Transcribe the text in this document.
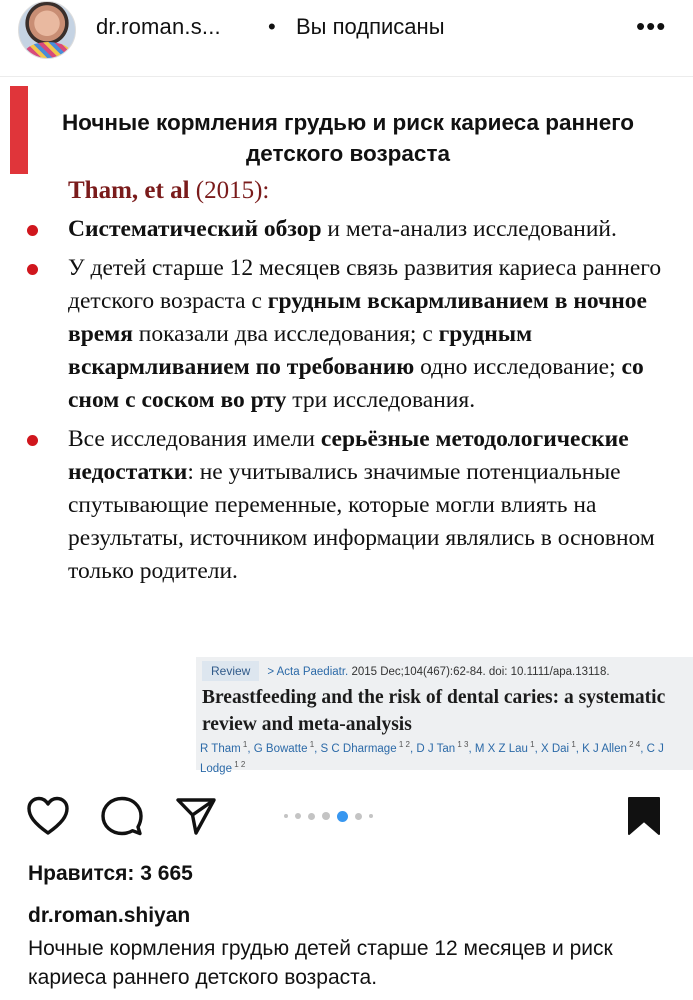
dr.roman.s... • Вы подписаны	•••
Ночные кормления грудью и риск кариеса раннего детского возраста
Tham, et al (2015):
Систематический обзор и мета-анализ исследований.
У детей старше 12 месяцев связь развития кариеса раннего детского возраста с грудным вскармливанием в ночное время показали два исследования; с грудным вскармливанием по требованию одно исследование; со сном с соском во рту три исследования.
Все исследования имели серьёзные методологические недостатки: не учитывались значимые потенциальные спутывающие переменные, которые могли влиять на результаты, источником информации являлись в основном только родители.
Review > Acta Paediatr. 2015 Dec;104(467):62-84. doi: 10.1111/apa.13118.
Breastfeeding and the risk of dental caries: a systematic review and meta-analysis
R Tham $^1$, G Bowatte $^1$, S C Dharmage $^{1 2}$, D J Tan $^{1 3}$, M X Z Lau $^1$, X Dai $^1$, K J Allen $^{2 4}$, C J Lodge $^{1 2}$
Нравится: 3 665
dr.roman.shiyan
Ночные кормления грудью детей старше 12 месяцев и риск кариеса раннего детского возраста.
